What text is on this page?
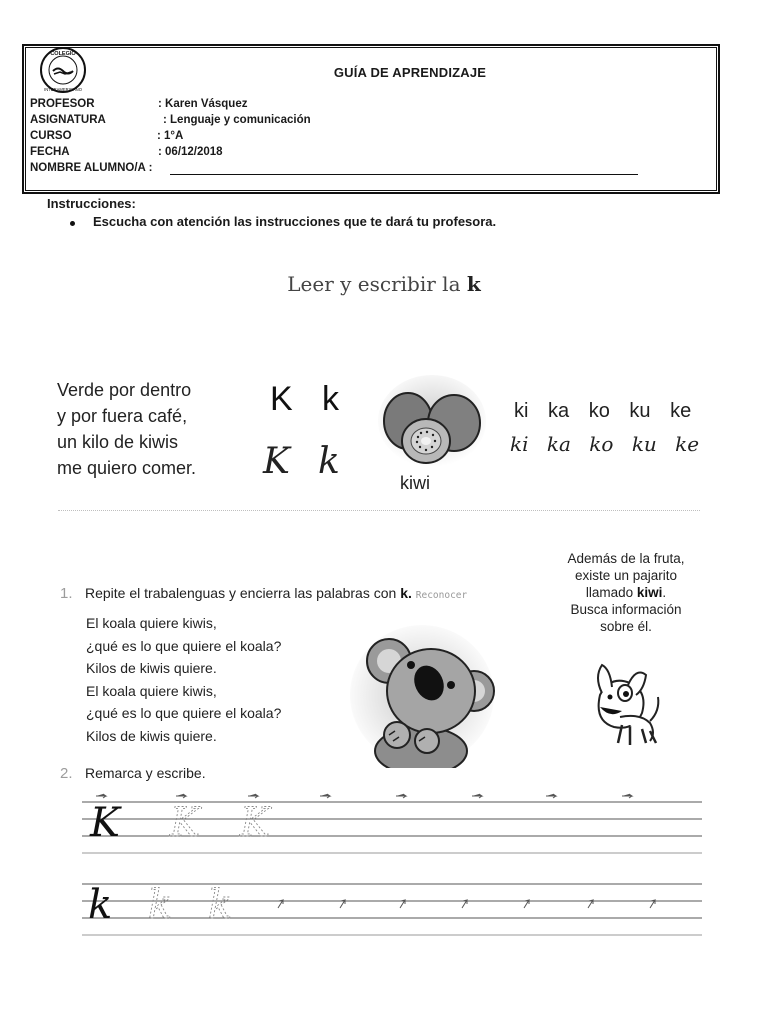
COLEGIO
INTERAMERICANO
GUÍA DE APRENDIZAJE
PROFESOR	: Karen Vásquez
ASIGNATURA	: Lenguaje y comunicación
CURSO	: 1°A
FECHA	: 06/12/2018
NOMBRE ALUMNO/A :
Instrucciones:
Escucha con atención las instrucciones que te dará tu profesora.
Leer y escribir la k
Verde por dentro
y por fuera café,
un kilo de kiwis
me quiero comer.
K k
K k
kiwi
ki ka ko ku ke
ki ka ko ku ke
1. Repite el trabalenguas y encierra las palabras con k. Reconocer
El koala quiere kiwis,
¿qué es lo que quiere el koala?
Kilos de kiwis quiere.
El koala quiere kiwis,
¿qué es lo que quiere el koala?
Kilos de kiwis quiere.
Además de la fruta,
existe un pajarito
llamado kiwi.
Busca información
sobre él.
2. Remarca y escribe.
K K K
k k k
